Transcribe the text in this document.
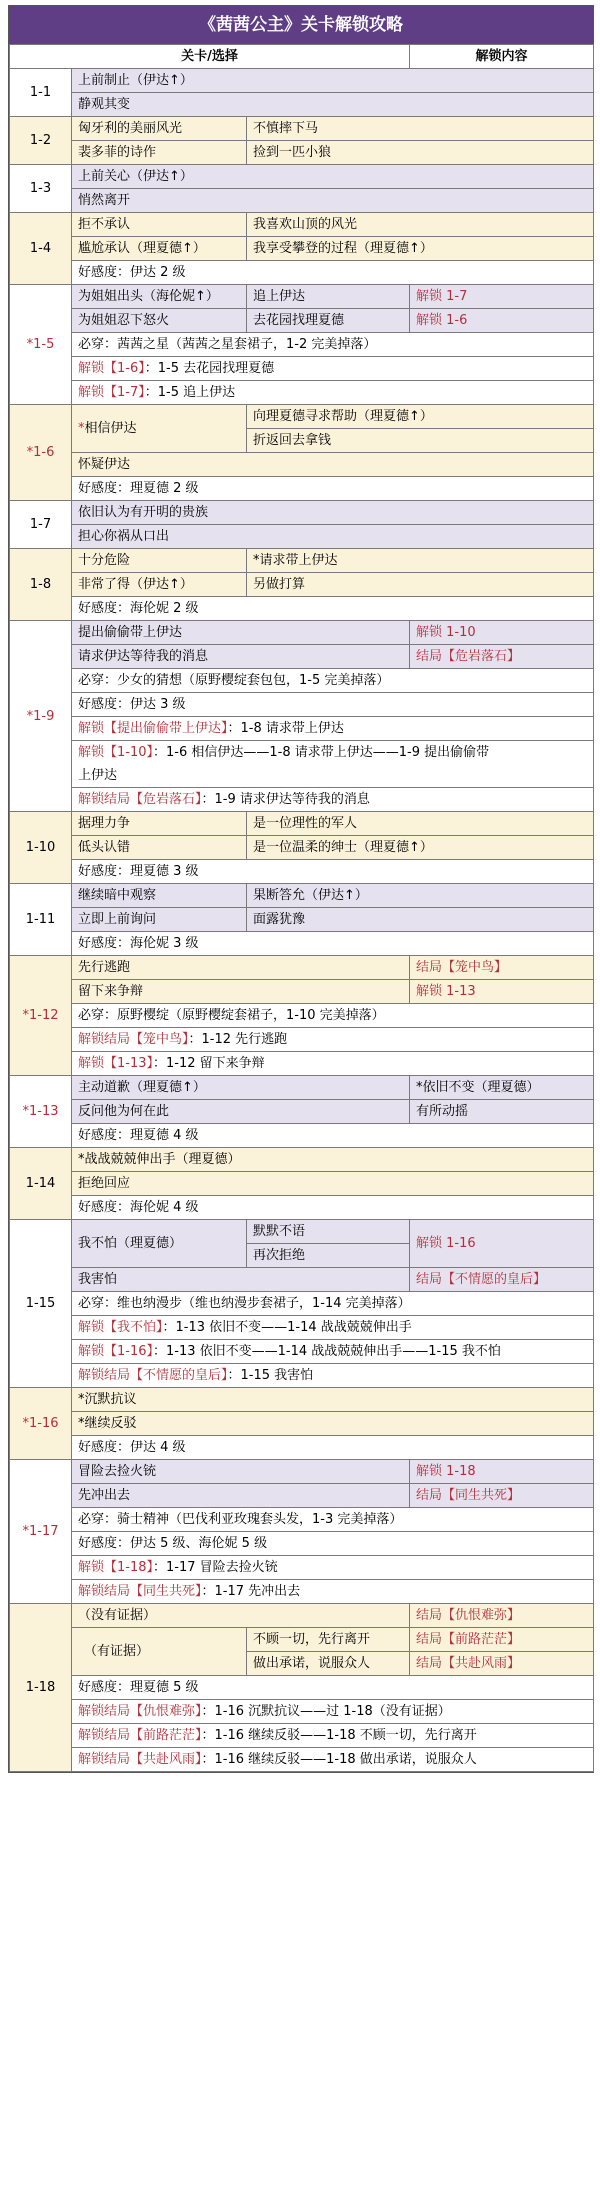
《茜茜公主》关卡解锁攻略
关卡/选择			解锁内容
1-1	上前制止（伊达↑）		
	静观其变		
1-2	匈牙利的美丽风光	不慎摔下马	
	裴多菲的诗作	捡到一匹小狼	
1-3	上前关心（伊达↑）		
	悄然离开		
1-4	拒不承认	我喜欢山顶的风光	
	尴尬承认（理夏德↑）	我享受攀登的过程（理夏德↑）	
	好感度：伊达 2 级		
*1-5	为姐姐出头（海伦妮↑）	追上伊达	解锁 1-7
	为姐姐忍下怒火	去花园找理夏德	解锁 1-6
	必穿：茜茜之星（茜茜之星套裙子，1-2 完美掉落）		
	解锁【1-6】：1-5 去花园找理夏德		
	解锁【1-7】：1-5 追上伊达		
*1-6	*相信伊达	向理夏德寻求帮助（理夏德↑）	
		折返回去拿钱	
	怀疑伊达		
	好感度：理夏德 2 级		
1-7	依旧认为有开明的贵族		
	担心你祸从口出		
1-8	十分危险	*请求带上伊达	
	非常了得（伊达↑）	另做打算	
	好感度：海伦妮 2 级		
*1-9	提出偷偷带上伊达		解锁 1-10
	请求伊达等待我的消息		结局【危岩落石】
	必穿：少女的猜想（原野樱绽套包包，1-5 完美掉落）		
	好感度：伊达 3 级		
	解锁【提出偷偷带上伊达】：1-8 请求带上伊达		
	解锁【1-10】：1-6 相信伊达——1-8 请求带上伊达——1-9 提出偷偷带		
	上伊达		
	解锁结局【危岩落石】：1-9 请求伊达等待我的消息		
1-10	据理力争	是一位理性的军人	
	低头认错	是一位温柔的绅士（理夏德↑）	
	好感度：理夏德 3 级		
1-11	继续暗中观察	果断答允（伊达↑）	
	立即上前询问	面露犹豫	
	好感度：海伦妮 3 级		
*1-12	先行逃跑		结局【笼中鸟】
	留下来争辩		解锁 1-13
	必穿：原野樱绽（原野樱绽套裙子，1-10 完美掉落）		
	解锁结局【笼中鸟】：1-12 先行逃跑		
	解锁【1-13】：1-12 留下来争辩		
*1-13	主动道歉（理夏德↑）		*依旧不变（理夏德）
	反问他为何在此		有所动摇
	好感度：理夏德 4 级		
1-14	*战战兢兢伸出手（理夏德）		
	拒绝回应		
	好感度：海伦妮 4 级		
1-15	我不怕（理夏德）	默默不语	解锁 1-16
		再次拒绝	
	我害怕		结局【不情愿的皇后】
	必穿：维也纳漫步（维也纳漫步套裙子，1-14 完美掉落）		
	解锁【我不怕】：1-13 依旧不变——1-14 战战兢兢伸出手		
	解锁【1-16】：1-13 依旧不变——1-14 战战兢兢伸出手——1-15 我不怕		
	解锁结局【不情愿的皇后】：1-15 我害怕		
*1-16	*沉默抗议		
	*继续反驳		
	好感度：伊达 4 级		
*1-17	冒险去捡火铳		解锁 1-18
	先冲出去		结局【同生共死】
	必穿：骑士精神（巴伐利亚玫瑰套头发，1-3 完美掉落）		
	好感度：伊达 5 级、海伦妮 5 级		
	解锁【1-18】：1-17 冒险去捡火铳		
	解锁结局【同生共死】：1-17 先冲出去		
1-18	（没有证据）		结局【仇恨难弥】
	（有证据）	不顾一切，先行离开	结局【前路茫茫】
		做出承诺，说服众人	结局【共赴风雨】
	好感度：理夏德 5 级		
	解锁结局【仇恨难弥】：1-16 沉默抗议——过 1-18（没有证据）		
	解锁结局【前路茫茫】：1-16 继续反驳——1-18 不顾一切，先行离开		
	解锁结局【共赴风雨】：1-16 继续反驳——1-18 做出承诺，说服众人		
